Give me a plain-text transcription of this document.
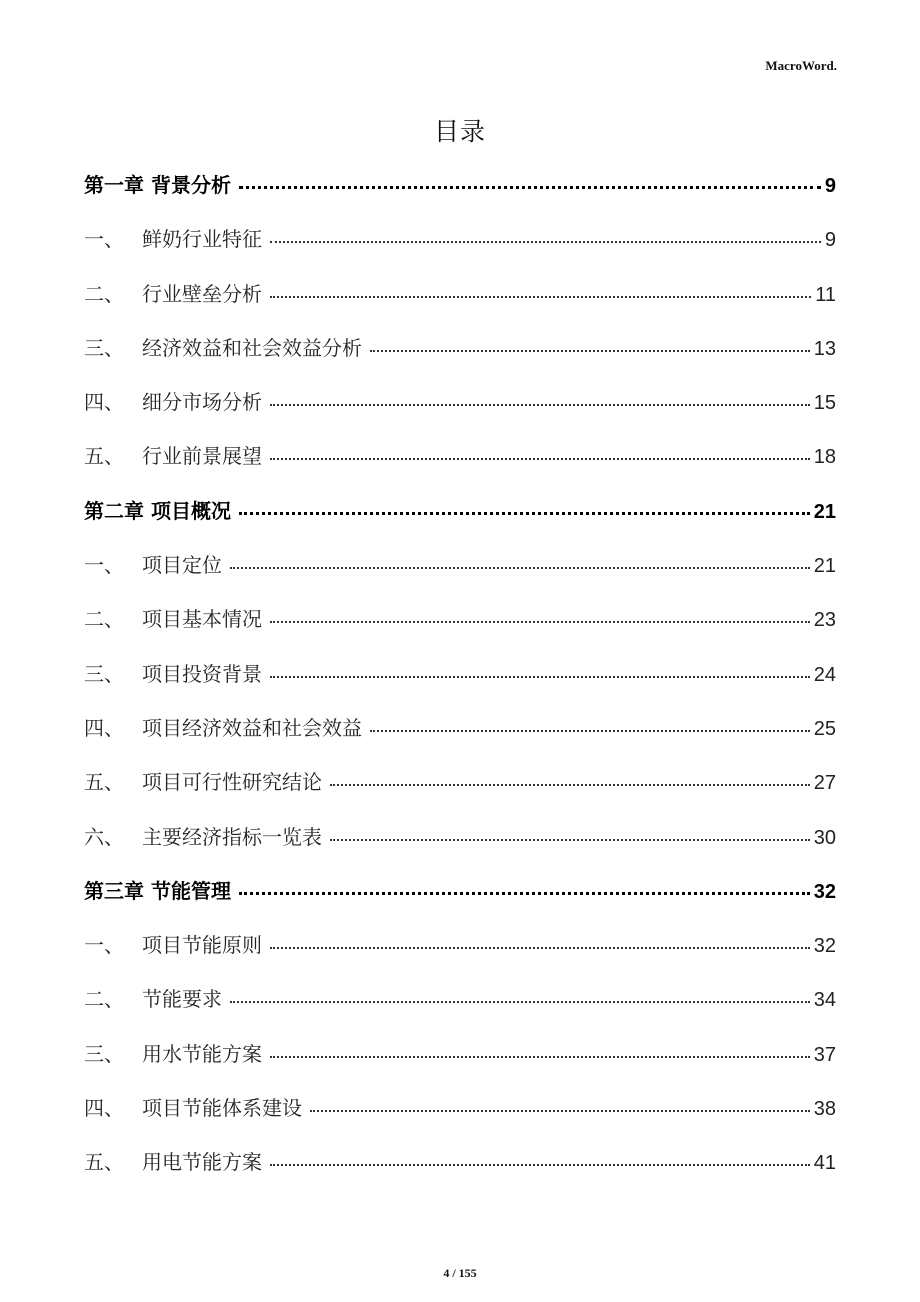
MacroWord.
目录
第一章 背景分析	9
一、 鲜奶行业特征	9
二、 行业壁垒分析	11
三、 经济效益和社会效益分析	13
四、 细分市场分析	15
五、 行业前景展望	18
第二章 项目概况	21
一、 项目定位	21
二、 项目基本情况	23
三、 项目投资背景	24
四、 项目经济效益和社会效益	25
五、 项目可行性研究结论	27
六、 主要经济指标一览表	30
第三章 节能管理	32
一、 项目节能原则	32
二、 节能要求	34
三、 用水节能方案	37
四、 项目节能体系建设	38
五、 用电节能方案	41
4 / 155
